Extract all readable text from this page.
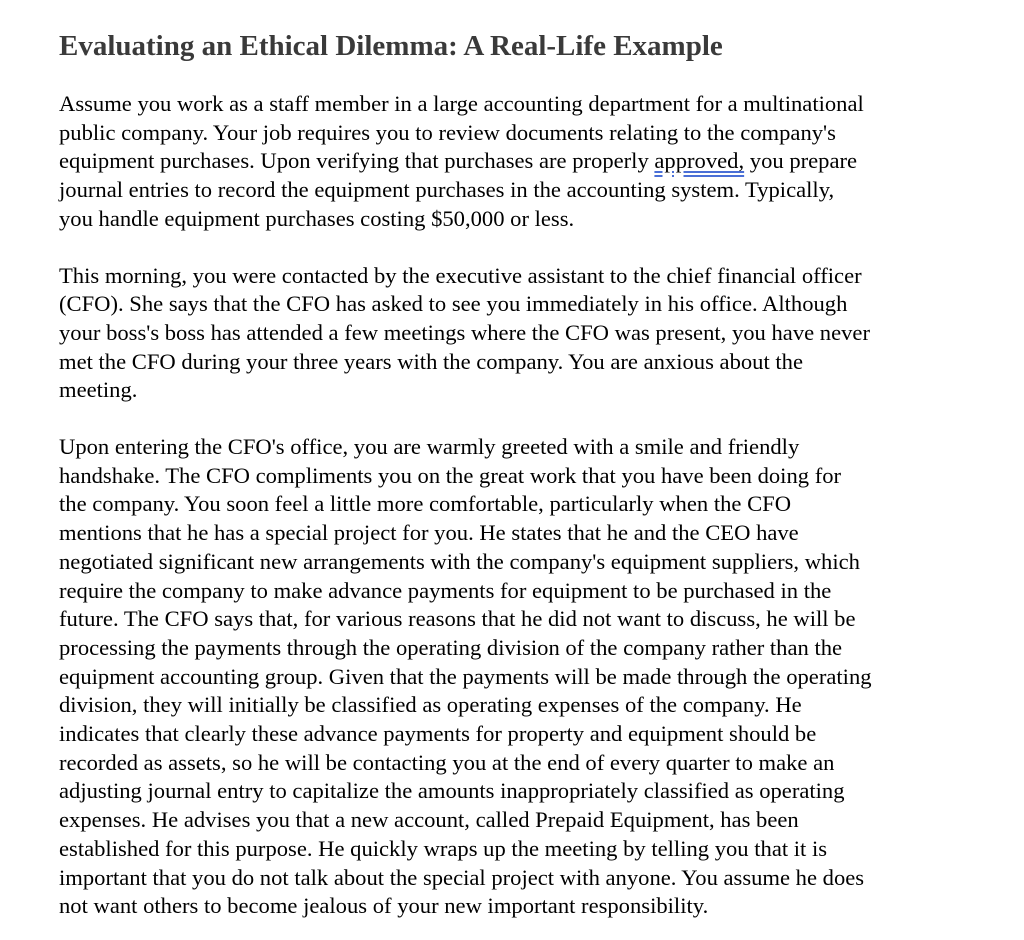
Evaluating an Ethical Dilemma: A Real-Life Example

Assume you work as a staff member in a large accounting department for a multinational
public company. Your job requires you to review documents relating to the company's
equipment purchases. Upon verifying that purchases are properly approved, you prepare
journal entries to record the equipment purchases in the accounting system. Typically,
you handle equipment purchases costing $50,000 or less.

This morning, you were contacted by the executive assistant to the chief financial officer
(CFO). She says that the CFO has asked to see you immediately in his office. Although
your boss's boss has attended a few meetings where the CFO was present, you have never
met the CFO during your three years with the company. You are anxious about the
meeting.

Upon entering the CFO's office, you are warmly greeted with a smile and friendly
handshake. The CFO compliments you on the great work that you have been doing for
the company. You soon feel a little more comfortable, particularly when the CFO
mentions that he has a special project for you. He states that he and the CEO have
negotiated significant new arrangements with the company's equipment suppliers, which
require the company to make advance payments for equipment to be purchased in the
future. The CFO says that, for various reasons that he did not want to discuss, he will be
processing the payments through the operating division of the company rather than the
equipment accounting group. Given that the payments will be made through the operating
division, they will initially be classified as operating expenses of the company. He
indicates that clearly these advance payments for property and equipment should be
recorded as assets, so he will be contacting you at the end of every quarter to make an
adjusting journal entry to capitalize the amounts inappropriately classified as operating
expenses. He advises you that a new account, called Prepaid Equipment, has been
established for this purpose. He quickly wraps up the meeting by telling you that it is
important that you do not talk about the special project with anyone. You assume he does
not want others to become jealous of your new important responsibility.
